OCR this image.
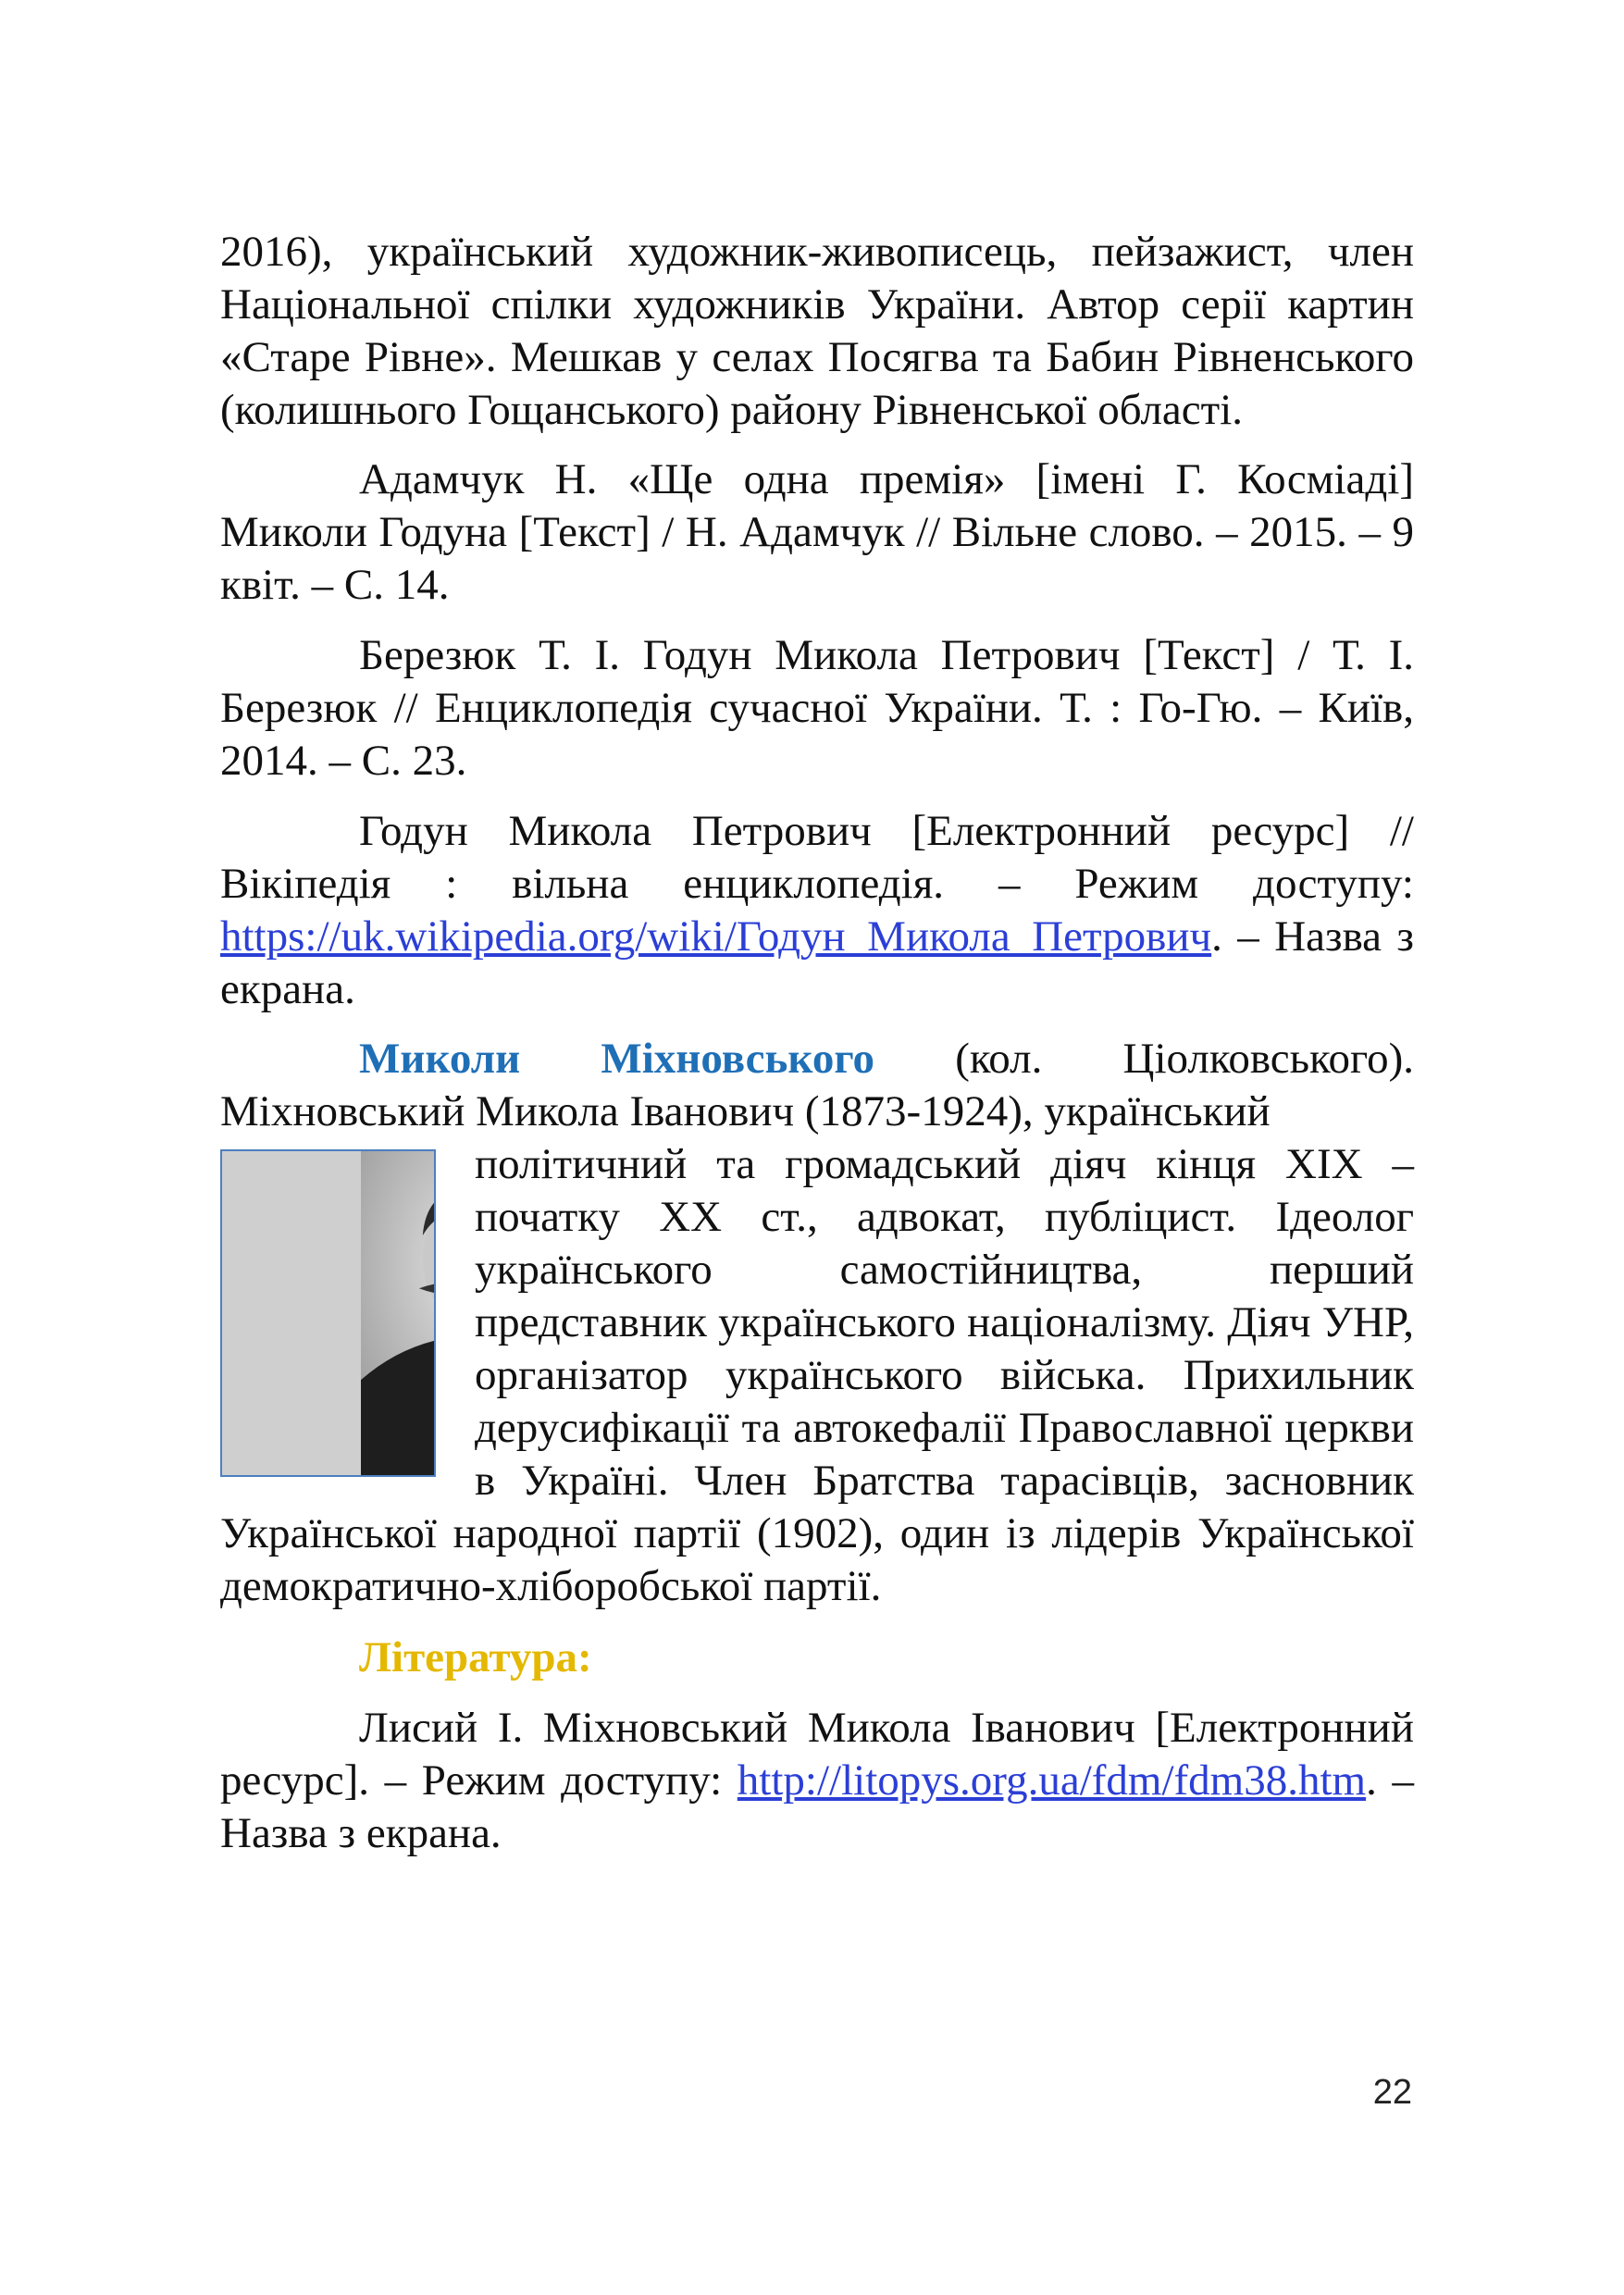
2016), український художник-живописець, пейзажист, член Національної спілки художників України. Автор серії картин «Старе Рівне». Мешкав у селах Посягва та Бабин Рівненського (колишнього Гощанського) району Рівненської області.

Адамчук Н. «Ще одна премія» [імені Г. Косміаді] Миколи Годуна [Текст] / Н. Адамчук // Вільне слово. – 2015. – 9 квіт. – С. 14.

Березюк Т. І. Годун Микола Петрович [Текст] / Т. І. Березюк // Енциклопедія сучасної України. Т. : Го-Гю. – Київ, 2014. – С. 23.

Годун Микола Петрович [Електронний ресурс] // Вікіпедія : вільна енциклопедія. – Режим доступу: https://uk.wikipedia.org/wiki/Годун_Микола_Петрович. – Назва з екрана.

Миколи Міхновського (кол. Ціолковського). Міхновський Микола Іванович (1873-1924), український

політичний та громадський діяч кінця XIX – початку XX ст., адвокат, публіцист. Ідеолог українського самостійництва, перший представник українського націоналізму. Діяч УНР, організатор українського війська. Прихильник дерусифікації та автокефалії Православної церкви в Україні. Член Братства тарасівців, засновник Української народної партії (1902), один із лідерів Української демократично-хліборобської партії.

Література:

Лисий І. Міхновський Микола Іванович [Електронний ресурс]. – Режим доступу: http://litopys.org.ua/fdm/fdm38.htm. – Назва з екрана.

22
